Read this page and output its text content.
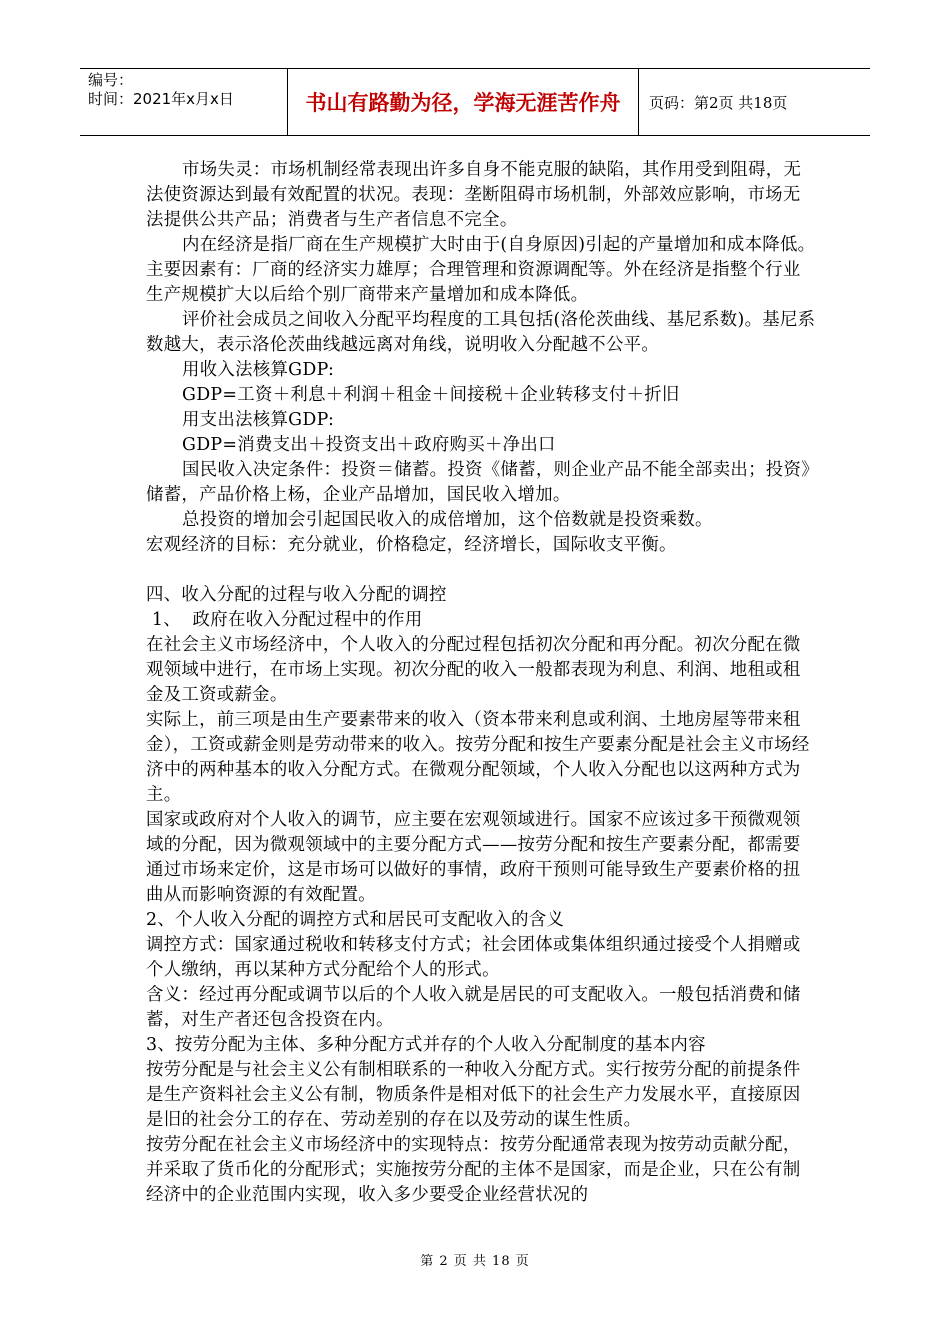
编号：
时间：2021年x月x日	书山有路勤为径，学海无涯苦作舟	页码：第2页 共18页

市场失灵：市场机制经常表现出许多自身不能克服的缺陷，其作用受到阻碍，无法使资源达到最有效配置的状况。表现：垄断阻碍市场机制，外部效应影响，市场无法提供公共产品；消费者与生产者信息不完全。

内在经济是指厂商在生产规模扩大时由于(自身原因)引起的产量增加和成本降低。主要因素有：厂商的经济实力雄厚；合理管理和资源调配等。外在经济是指整个行业生产规模扩大以后给个别厂商带来产量增加和成本降低。

评价社会成员之间收入分配平均程度的工具包括(洛伦茨曲线、基尼系数)。基尼系数越大，表示洛伦茨曲线越远离对角线，说明收入分配越不公平。

用收入法核算GDP:

GDP=工资＋利息＋利润＋租金＋间接税＋企业转移支付＋折旧

用支出法核算GDP:

GDP=消费支出＋投资支出＋政府购买＋净出口

国民收入决定条件：投资＝储蓄。投资《储蓄，则企业产品不能全部卖出；投资》储蓄，产品价格上杨，企业产品增加，国民收入增加。

总投资的增加会引起国民收入的成倍增加，这个倍数就是投资乘数。

宏观经济的目标：充分就业，价格稳定，经济增长，国际收支平衡。

四、收入分配的过程与收入分配的调控

1、  政府在收入分配过程中的作用

在社会主义市场经济中，个人收入的分配过程包括初次分配和再分配。初次分配在微观领域中进行，在市场上实现。初次分配的收入一般都表现为利息、利润、地租或租金及工资或薪金。

实际上，前三项是由生产要素带来的收入（资本带来利息或利润、土地房屋等带来租金），工资或薪金则是劳动带来的收入。按劳分配和按生产要素分配是社会主义市场经济中的两种基本的收入分配方式。在微观分配领域，个人收入分配也以这两种方式为主。

国家或政府对个人收入的调节，应主要在宏观领域进行。国家不应该过多干预微观领域的分配，因为微观领域中的主要分配方式——按劳分配和按生产要素分配，都需要通过市场来定价，这是市场可以做好的事情，政府干预则可能导致生产要素价格的扭曲从而影响资源的有效配置。

2、个人收入分配的调控方式和居民可支配收入的含义

调控方式：国家通过税收和转移支付方式；社会团体或集体组织通过接受个人捐赠或个人缴纳，再以某种方式分配给个人的形式。

含义：经过再分配或调节以后的个人收入就是居民的可支配收入。一般包括消费和储蓄，对生产者还包含投资在内。

3、按劳分配为主体、多种分配方式并存的个人收入分配制度的基本内容

按劳分配是与社会主义公有制相联系的一种收入分配方式。实行按劳分配的前提条件是生产资料社会主义公有制，物质条件是相对低下的社会生产力发展水平，直接原因是旧的社会分工的存在、劳动差别的存在以及劳动的谋生性质。

按劳分配在社会主义市场经济中的实现特点：按劳分配通常表现为按劳动贡献分配，并采取了货币化的分配形式；实施按劳分配的主体不是国家，而是企业，只在公有制经济中的企业范围内实现，收入多少要受企业经营状况的

第 2 页 共 18 页
